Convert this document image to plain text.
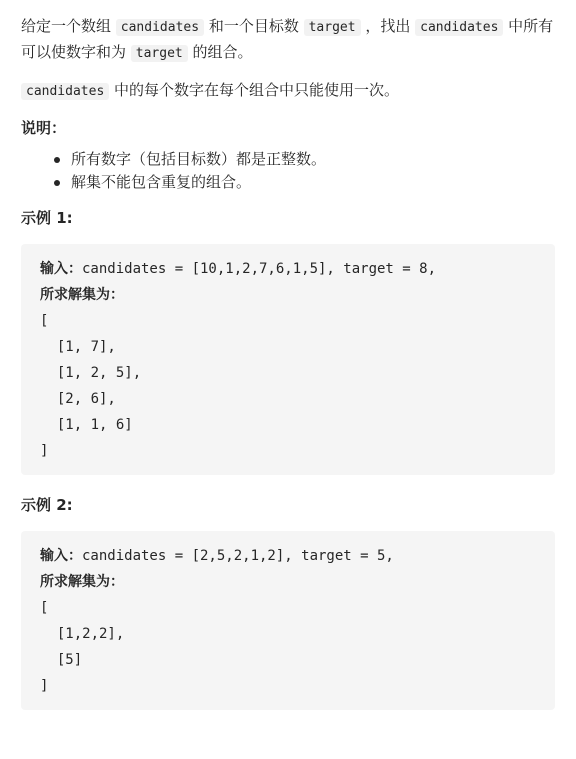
给定一个数组 candidates 和一个目标数 target ，找出 candidates 中所有可以使数字和为 target 的组合。

candidates 中的每个数字在每个组合中只能使用一次。

说明：

所有数字（包括目标数）都是正整数。
解集不能包含重复的组合。

示例 1:

输入：candidates = [10,1,2,7,6,1,5], target = 8,
所求解集为：
[
[1, 7],
[1, 2, 5],
[2, 6],
[1, 1, 6]
]

示例 2:

输入：candidates = [2,5,2,1,2], target = 5,
所求解集为：
[
[1,2,2],
[5]
]
